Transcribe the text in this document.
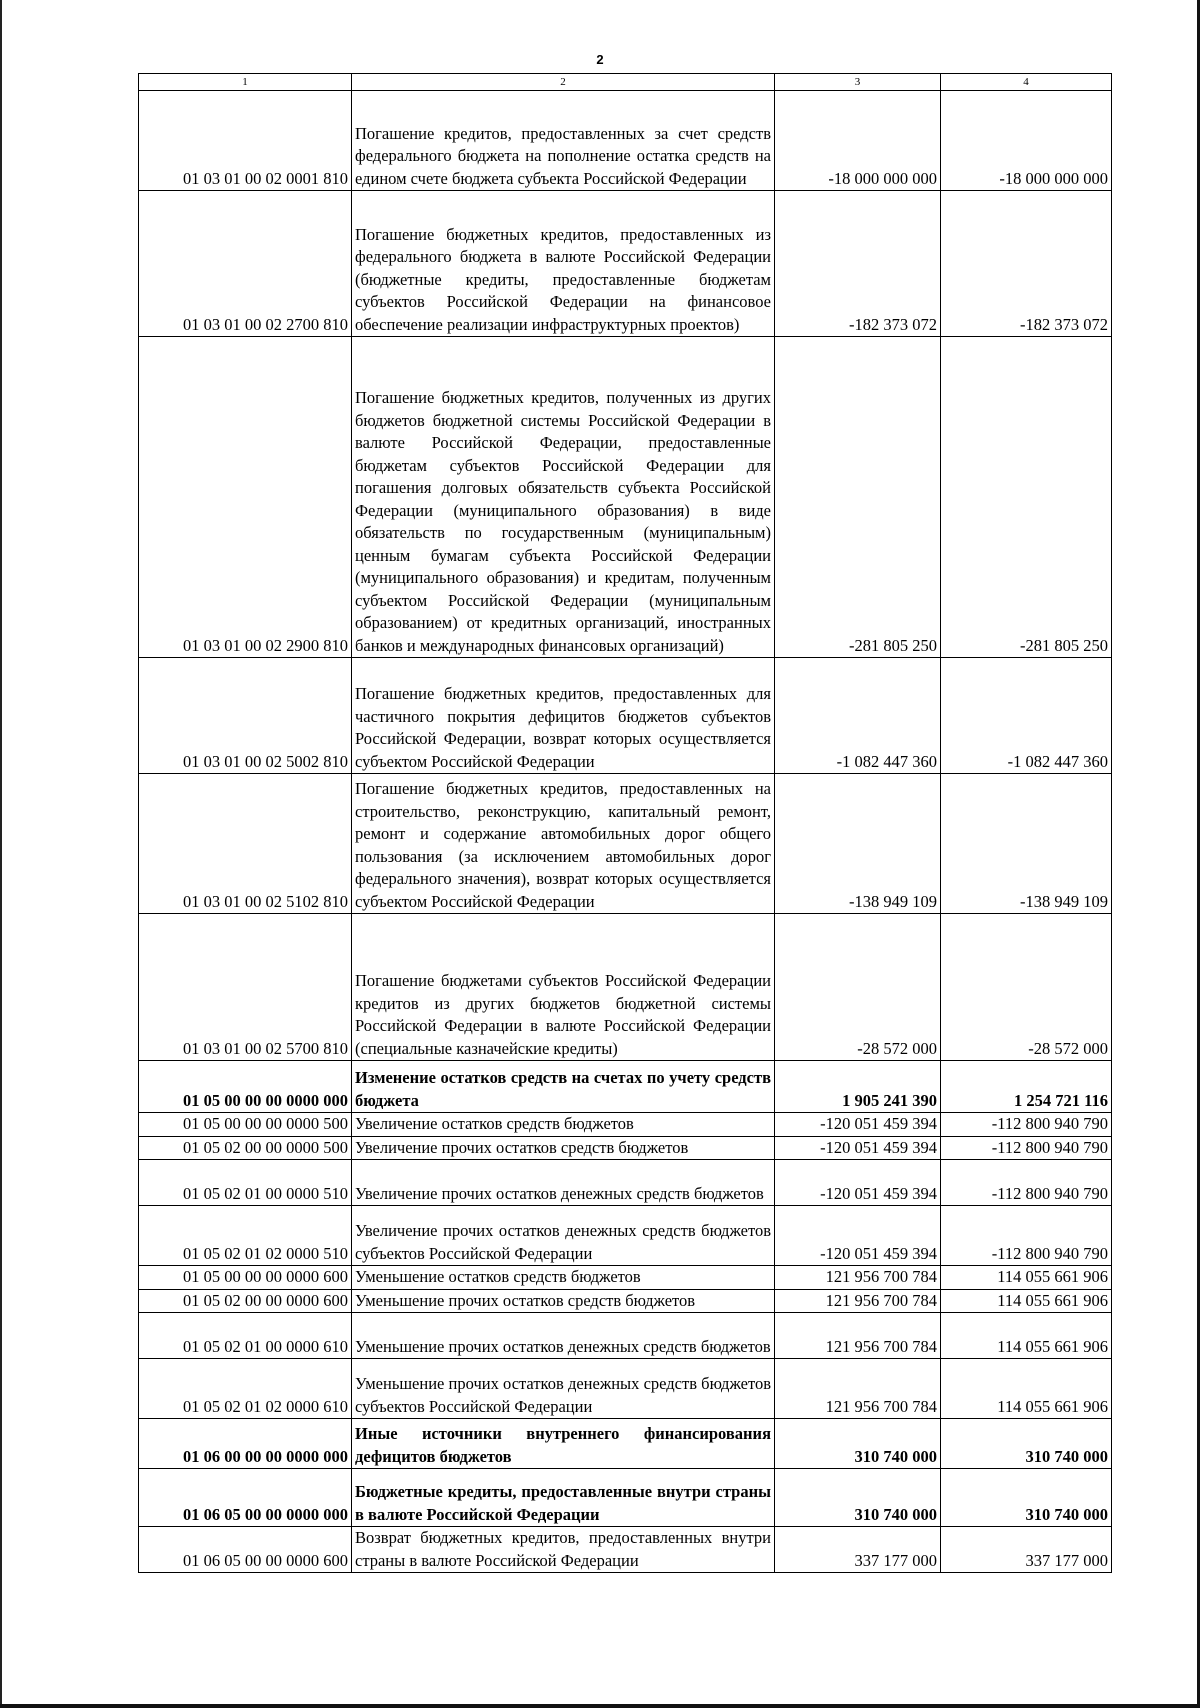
2
1	2	3	4
01 03 01 00 02 0001 810	Погашение кредитов, предоставленных за счет средств федерального бюджета на пополнение остатка средств на едином счете бюджета субъекта Российской Федерации	-18 000 000 000	-18 000 000 000
01 03 01 00 02 2700 810	Погашение бюджетных кредитов, предоставленных из федерального бюджета в валюте Российской Федерации (бюджетные кредиты, предоставленные бюджетам субъектов Российской Федерации на финансовое обеспечение реализации инфраструктурных проектов)	-182 373 072	-182 373 072
01 03 01 00 02 2900 810	Погашение бюджетных кредитов, полученных из других бюджетов бюджетной системы Российской Федерации в валюте Российской Федерации, предоставленные бюджетам субъектов Российской Федерации для погашения долговых обязательств субъекта Российской Федерации (муниципального образования) в виде обязательств по государственным (муниципальным) ценным бумагам субъекта Российской Федерации (муниципального образования) и кредитам, полученным субъектом Российской Федерации (муниципальным образованием) от кредитных организаций, иностранных банков и международных финансовых организаций)	-281 805 250	-281 805 250
01 03 01 00 02 5002 810	Погашение бюджетных кредитов, предоставленных для частичного покрытия дефицитов бюджетов субъектов Российской Федерации, возврат которых осуществляется субъектом Российской Федерации	-1 082 447 360	-1 082 447 360
01 03 01 00 02 5102 810	Погашение бюджетных кредитов, предоставленных на строительство, реконструкцию, капитальный ремонт, ремонт и содержание автомобильных дорог общего пользования (за исключением автомобильных дорог федерального значения), возврат которых осуществляется субъектом Российской Федерации	-138 949 109	-138 949 109
01 03 01 00 02 5700 810	Погашение бюджетами субъектов Российской Федерации кредитов из других бюджетов бюджетной системы Российской Федерации в валюте Российской Федерации (специальные казначейские кредиты)	-28 572 000	-28 572 000
01 05 00 00 00 0000 000	Изменение остатков средств на счетах по учету средств бюджета	1 905 241 390	1 254 721 116
01 05 00 00 00 0000 500	Увеличение остатков средств бюджетов	-120 051 459 394	-112 800 940 790
01 05 02 00 00 0000 500	Увеличение прочих остатков средств бюджетов	-120 051 459 394	-112 800 940 790
01 05 02 01 00 0000 510	Увеличение прочих остатков денежных средств бюджетов	-120 051 459 394	-112 800 940 790
01 05 02 01 02 0000 510	Увеличение прочих остатков денежных средств бюджетов субъектов Российской Федерации	-120 051 459 394	-112 800 940 790
01 05 00 00 00 0000 600	Уменьшение остатков средств бюджетов	121 956 700 784	114 055 661 906
01 05 02 00 00 0000 600	Уменьшение прочих остатков средств бюджетов	121 956 700 784	114 055 661 906
01 05 02 01 00 0000 610	Уменьшение прочих остатков денежных средств бюджетов	121 956 700 784	114 055 661 906
01 05 02 01 02 0000 610	Уменьшение прочих остатков денежных средств бюджетов субъектов Российской Федерации	121 956 700 784	114 055 661 906
01 06 00 00 00 0000 000	Иные источники внутреннего финансирования дефицитов бюджетов	310 740 000	310 740 000
01 06 05 00 00 0000 000	Бюджетные кредиты, предоставленные внутри страны в валюте Российской Федерации	310 740 000	310 740 000
01 06 05 00 00 0000 600	Возврат бюджетных кредитов, предоставленных внутри страны в валюте Российской Федерации	337 177 000	337 177 000
